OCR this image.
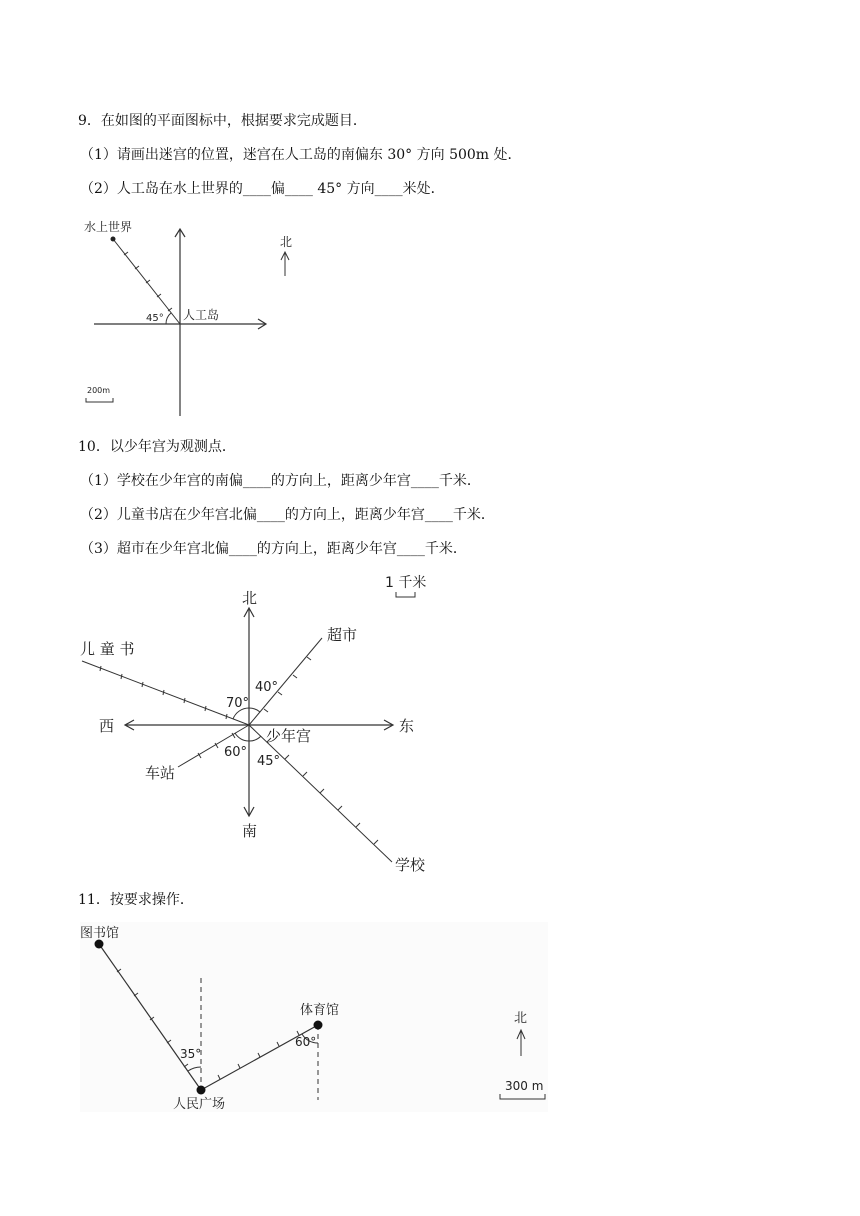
9．在如图的平面图标中，根据要求完成题目．
（1）请画出迷宫的位置，迷宫在人工岛的南偏东 30° 方向 500m 处．
（2）人工岛在水上世界的____偏____ 45° 方向____米处．
水上世界
人工岛
45°
北
200m
10．以少年宫为观测点．
（1）学校在少年宫的南偏____的方向上，距离少年宫____千米．
（2）儿童书店在少年宫北偏____的方向上，距离少年宫____千米．
（3）超市在少年宫北偏____的方向上，距离少年宫____千米．
北
南
东
西
少年宫
超市
儿 童 书
车站
学校
1 千米
70°
40°
60°
45°
11．按要求操作．
图书馆
体育馆
人民广场
35°
60°
北
300 m
